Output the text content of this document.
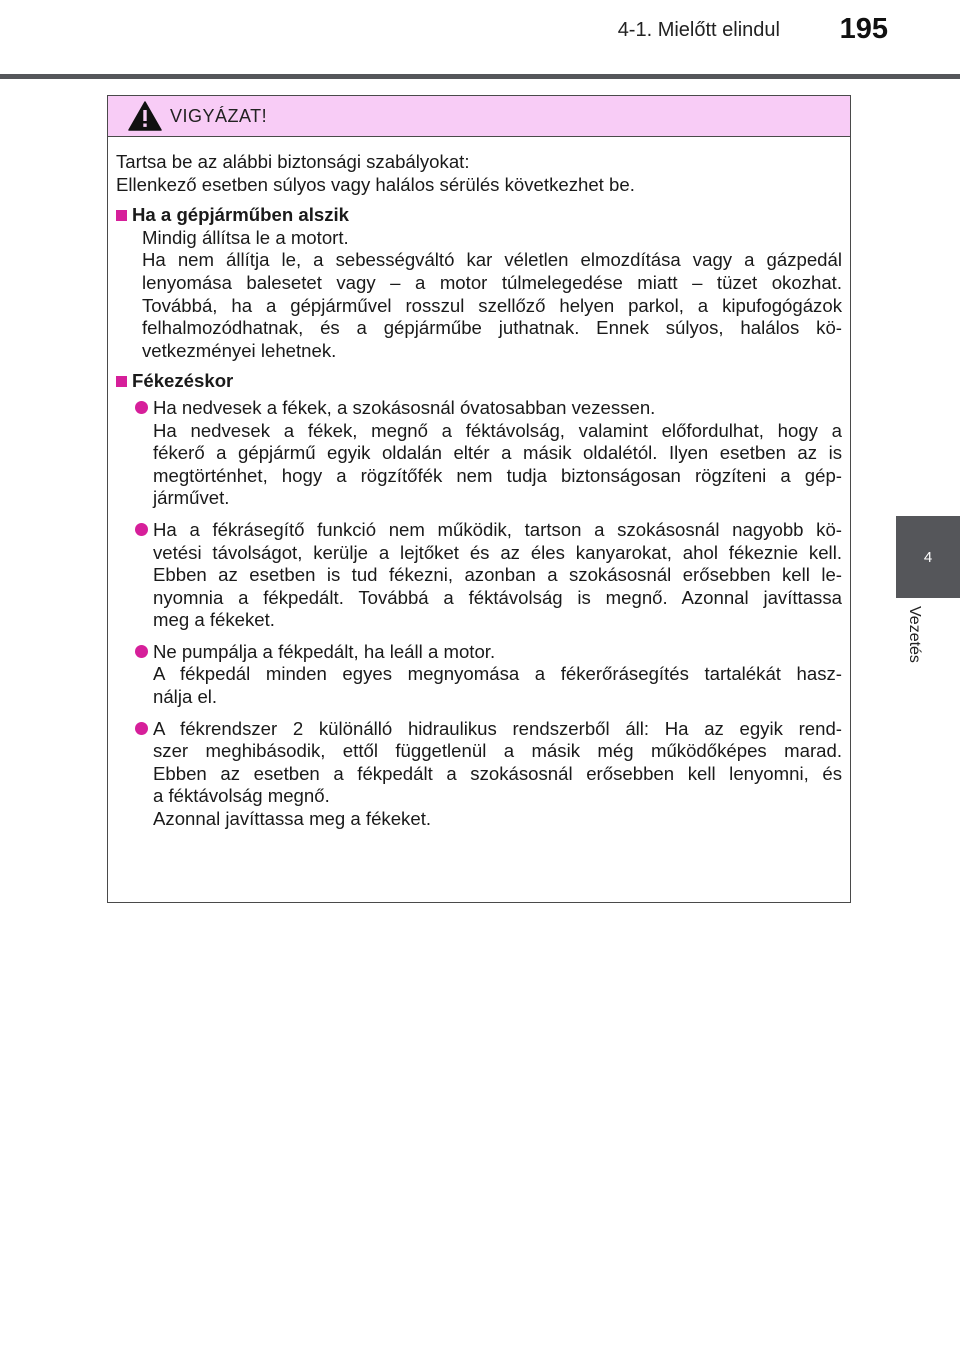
4-1. Mielőtt elindul 195
4
Vezetés
VIGYÁZAT!

Tartsa be az alábbi biztonsági szabályokat:

Ellenkező esetben súlyos vagy halálos sérülés következhet be.

Ha a gépjárműben alszik

Mindig állítsa le a motort.
Ha nem állítja le, a sebességváltó kar véletlen elmozdítása vagy a gázpedál
lenyomása balesetet vagy – a motor túlmelegedése miatt – tüzet okozhat.
Továbbá, ha a gépjárművel rosszul szellőző helyen parkol, a kipufogógázok
felhalmozódhatnak, és a gépjárműbe juthatnak. Ennek súlyos, halálos kö-
vetkezményei lehetnek.

Fékezéskor

Ha nedvesek a fékek, a szokásosnál óvatosabban vezessen.
Ha nedvesek a fékek, megnő a féktávolság, valamint előfordulhat, hogy a
fékerő a gépjármű egyik oldalán eltér a másik oldalétól. Ilyen esetben az is
megtörténhet, hogy a rögzítőfék nem tudja biztonságosan rögzíteni a gép-
járművet.

Ha a fékrásegítő funkció nem működik, tartson a szokásosnál nagyobb kö-
vetési távolságot, kerülje a lejtőket és az éles kanyarokat, ahol fékeznie kell.
Ebben az esetben is tud fékezni, azonban a szokásosnál erősebben kell le-
nyomnia a fékpedált. Továbbá a féktávolság is megnő. Azonnal javíttassa
meg a fékeket.

Ne pumpálja a fékpedált, ha leáll a motor.
A fékpedál minden egyes megnyomása a fékerőrásegítés tartalékát hasz-
nálja el.

A fékrendszer 2 különálló hidraulikus rendszerből áll: Ha az egyik rend-
szer meghibásodik, ettől függetlenül a másik még működőképes marad.
Ebben az esetben a fékpedált a szokásosnál erősebben kell lenyomni, és
a féktávolság megnő.
Azonnal javíttassa meg a fékeket.
